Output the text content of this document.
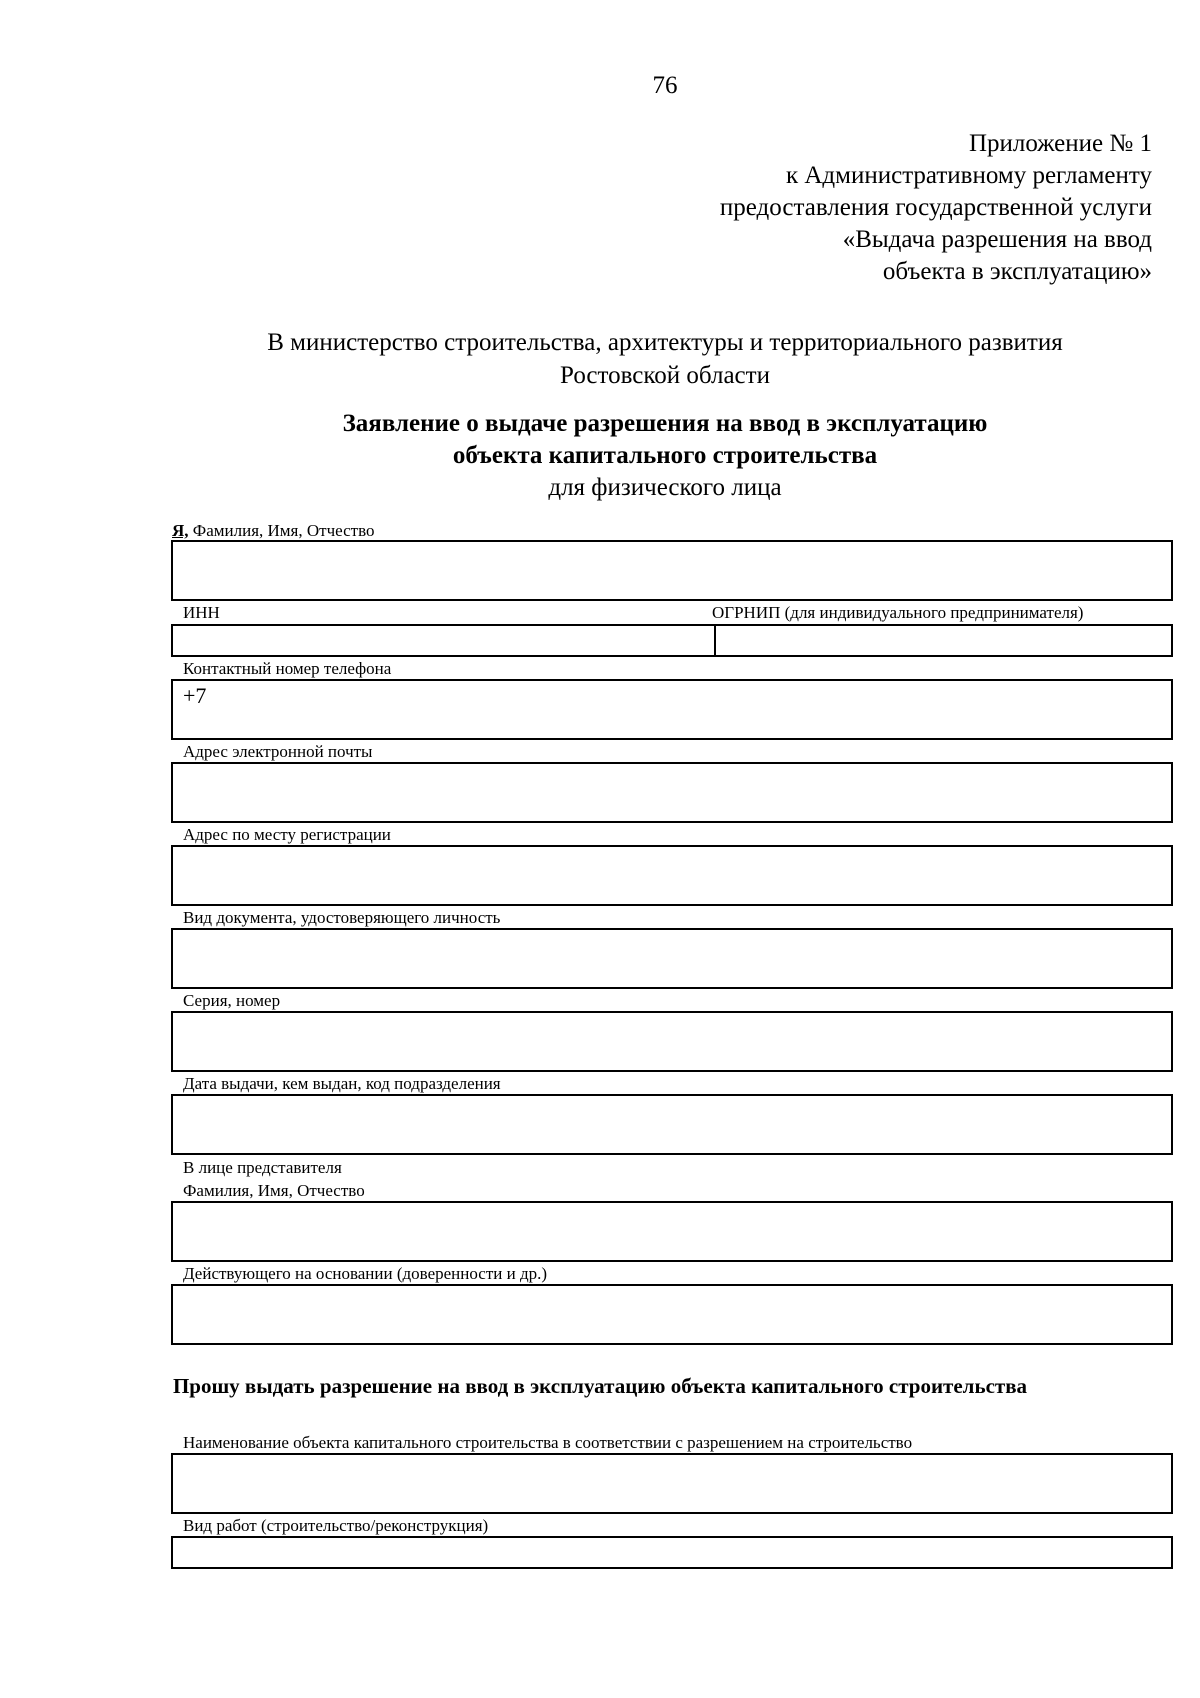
76
Приложение № 1
к Административному регламенту
предоставления государственной услуги
«Выдача разрешения на ввод
объекта в эксплуатацию»
В министерство строительства, архитектуры и территориального развития
Ростовской области
Заявление о выдаче разрешения на ввод в эксплуатацию
объекта капитального строительства
для физического лица
Я, Фамилия, Имя, Отчество
ИНН	ОГРНИП (для индивидуального предпринимателя)
Контактный номер телефона
+7
Адрес электронной почты
Адрес по месту регистрации
Вид документа, удостоверяющего личность
Серия, номер
Дата выдачи, кем выдан, код подразделения
В лице представителя
Фамилия, Имя, Отчество
Действующего на основании (доверенности и др.)
Прошу выдать разрешение на ввод в эксплуатацию объекта капитального строительства
Наименование объекта капитального строительства в соответствии с разрешением на строительство
Вид работ (строительство/реконструкция)
